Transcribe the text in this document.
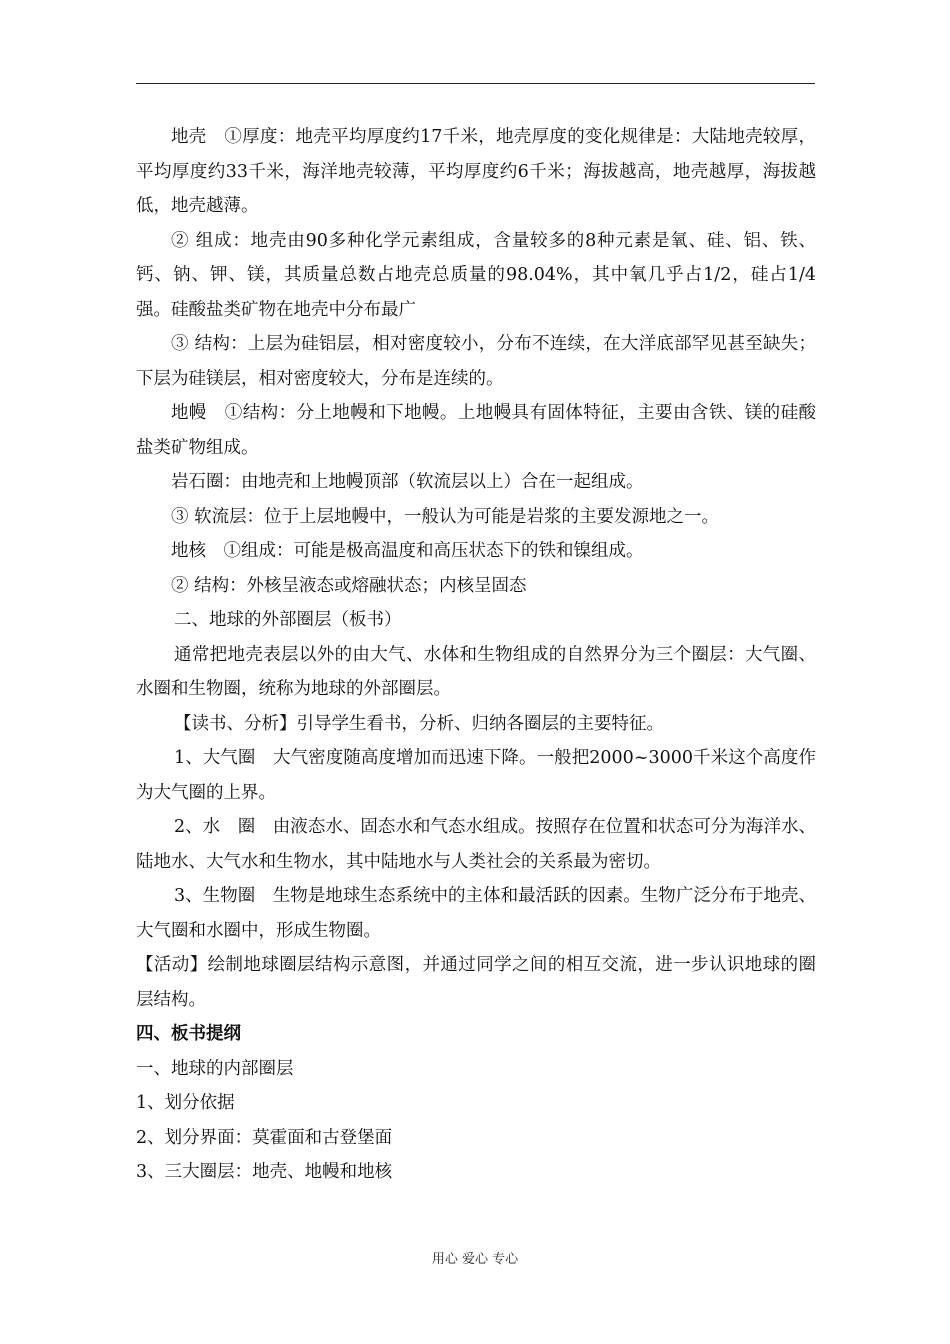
地壳　①厚度：地壳平均厚度约17千米，地壳厚度的变化规律是：大陆地壳较厚，平均厚度约33千米，海洋地壳较薄，平均厚度约6千米；海拔越高，地壳越厚，海拔越低，地壳越薄。

② 组成：地壳由90多种化学元素组成，含量较多的8种元素是氧、硅、铝、铁、钙、钠、钾、镁，其质量总数占地壳总质量的98.04%，其中氧几乎占1/2，硅占1/4强。硅酸盐类矿物在地壳中分布最广

③ 结构：上层为硅铝层，相对密度较小，分布不连续，在大洋底部罕见甚至缺失；下层为硅镁层，相对密度较大，分布是连续的。

地幔　①结构：分上地幔和下地幔。上地幔具有固体特征，主要由含铁、镁的硅酸盐类矿物组成。

岩石圈：由地壳和上地幔顶部（软流层以上）合在一起组成。

③ 软流层：位于上层地幔中，一般认为可能是岩浆的主要发源地之一。

地核　①组成：可能是极高温度和高压状态下的铁和镍组成。

② 结构：外核呈液态或熔融状态；内核呈固态

二、地球的外部圈层（板书）

通常把地壳表层以外的由大气、水体和生物组成的自然界分为三个圈层：大气圈、水圈和生物圈，统称为地球的外部圈层。

【读书、分析】引导学生看书，分析、归纳各圈层的主要特征。

1、大气圈　大气密度随高度增加而迅速下降。一般把2000~3000千米这个高度作为大气圈的上界。

2、水　圈　由液态水、固态水和气态水组成。按照存在位置和状态可分为海洋水、陆地水、大气水和生物水，其中陆地水与人类社会的关系最为密切。

3、生物圈　生物是地球生态系统中的主体和最活跃的因素。生物广泛分布于地壳、大气圈和水圈中，形成生物圈。

【活动】绘制地球圈层结构示意图，并通过同学之间的相互交流，进一步认识地球的圈层结构。

四、板书提纲

一、地球的内部圈层

1、划分依据

2、划分界面：莫霍面和古登堡面

3、三大圈层：地壳、地幔和地核

用心 爱心 专心
